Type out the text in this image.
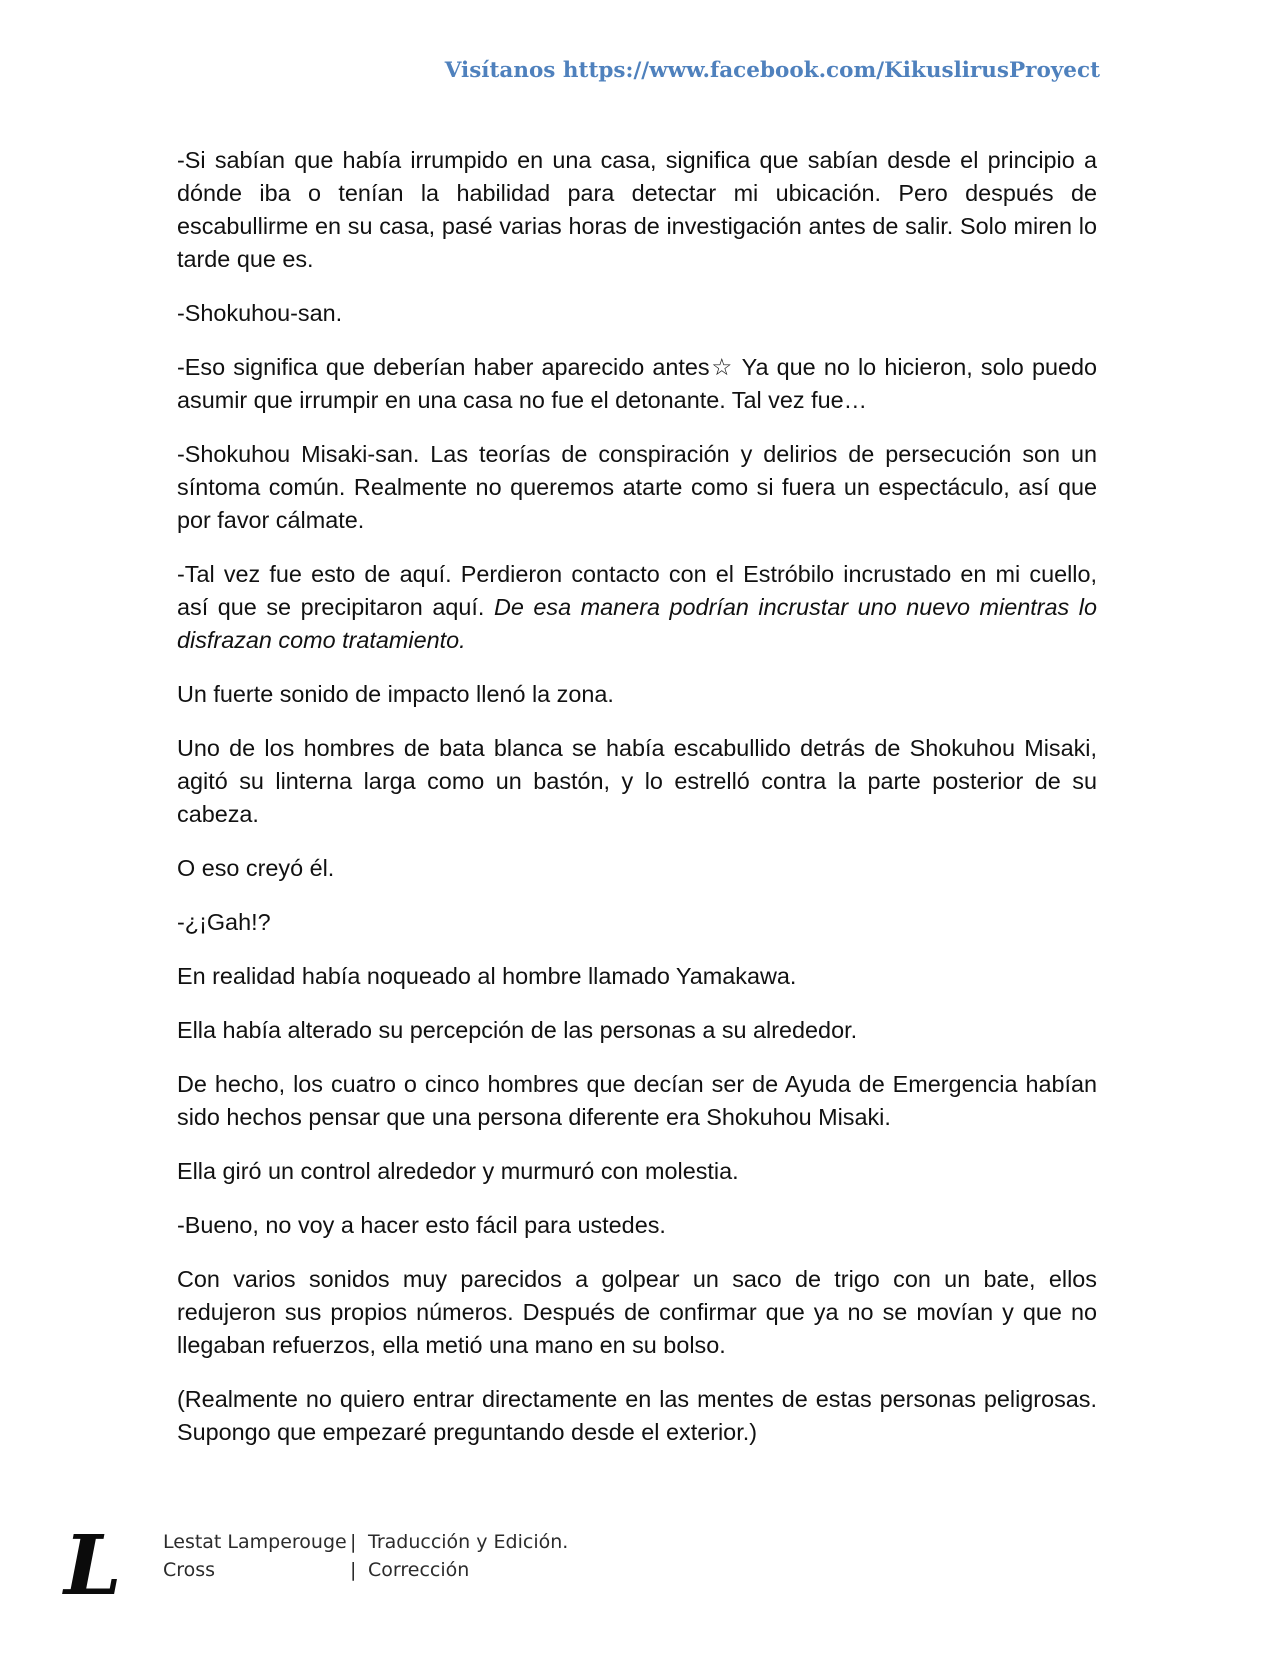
Visítanos https://www.facebook.com/KikuslirusProyect

-Si sabían que había irrumpido en una casa, significa que sabían desde el principio a dónde iba o tenían la habilidad para detectar mi ubicación. Pero después de escabullirme en su casa, pasé varias horas de investigación antes de salir. Solo miren lo tarde que es.

-Shokuhou-san.

-Eso significa que deberían haber aparecido antes☆ Ya que no lo hicieron, solo puedo asumir que irrumpir en una casa no fue el detonante. Tal vez fue…

-Shokuhou Misaki-san. Las teorías de conspiración y delirios de persecución son un síntoma común. Realmente no queremos atarte como si fuera un espectáculo, así que por favor cálmate.

-Tal vez fue esto de aquí. Perdieron contacto con el Estróbilo incrustado en mi cuello, así que se precipitaron aquí. De esa manera podrían incrustar uno nuevo mientras lo disfrazan como tratamiento.

Un fuerte sonido de impacto llenó la zona.

Uno de los hombres de bata blanca se había escabullido detrás de Shokuhou Misaki, agitó su linterna larga como un bastón, y lo estrelló contra la parte posterior de su cabeza.

O eso creyó él.

-¿¡Gah!?

En realidad había noqueado al hombre llamado Yamakawa.

Ella había alterado su percepción de las personas a su alrededor.

De hecho, los cuatro o cinco hombres que decían ser de Ayuda de Emergencia habían sido hechos pensar que una persona diferente era Shokuhou Misaki.

Ella giró un control alrededor y murmuró con molestia.

-Bueno, no voy a hacer esto fácil para ustedes.

Con varios sonidos muy parecidos a golpear un saco de trigo con un bate, ellos redujeron sus propios números. Después de confirmar que ya no se movían y que no llegaban refuerzos, ella metió una mano en su bolso.

(Realmente no quiero entrar directamente en las mentes de estas personas peligrosas. Supongo que empezaré preguntando desde el exterior.)

L	Lestat Lamperouge | Traducción y Edición.
Cross	| Corrección
